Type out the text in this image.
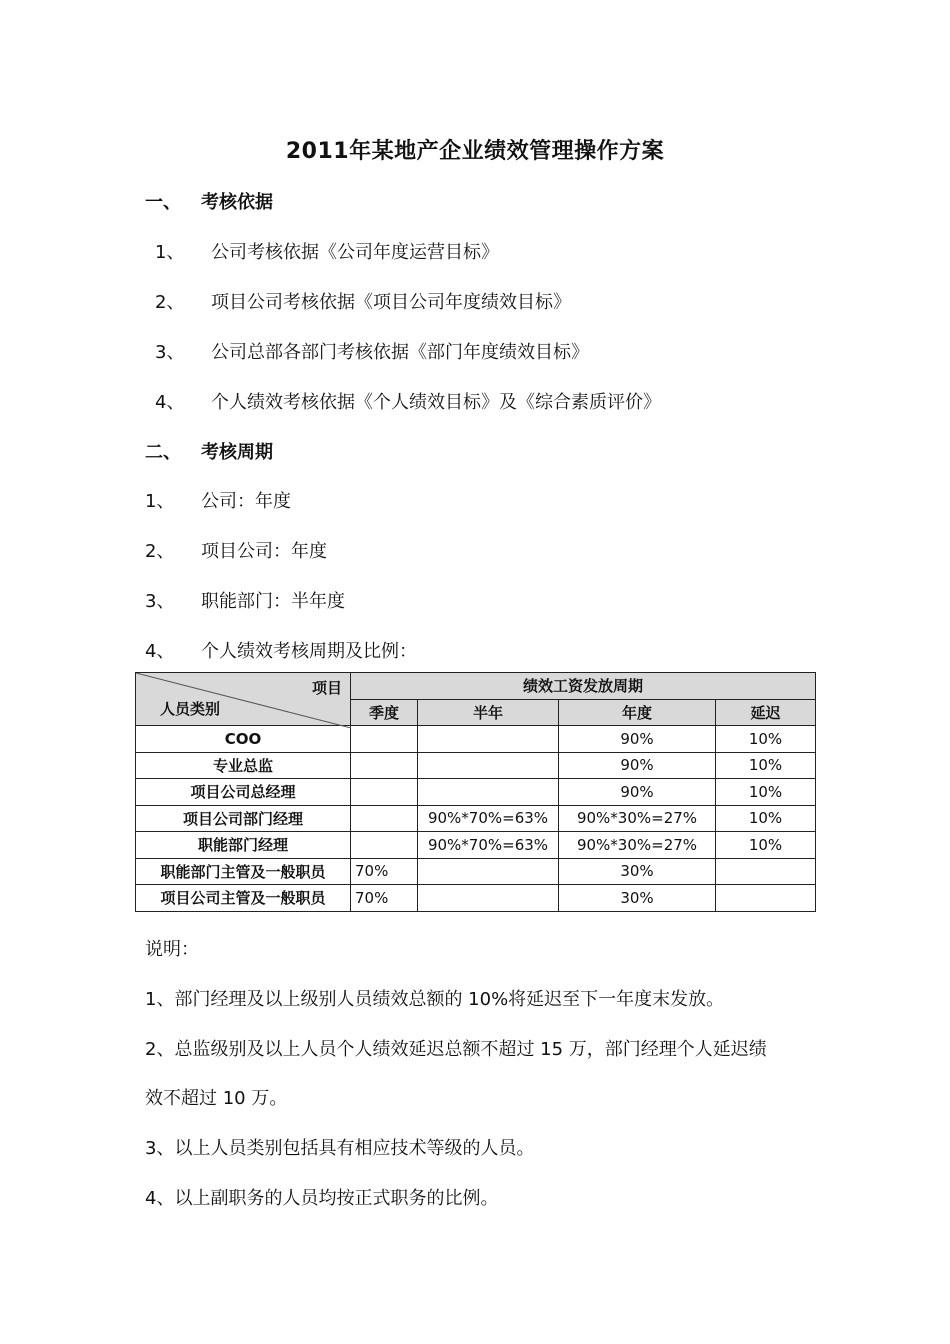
2011年某地产企业绩效管理操作方案
一、 考核依据
1、 公司考核依据《公司年度运营目标》
2、 项目公司考核依据《项目公司年度绩效目标》
3、 公司总部各部门考核依据《部门年度绩效目标》
4、 个人绩效考核依据《个人绩效目标》及《综合素质评价》
二、 考核周期
1、 公司：年度
2、 项目公司：年度
3、 职能部门：半年度
4、 个人绩效考核周期及比例：
项目
人员类别	绩效工资发放周期			
	季度	半年	年度	延迟
COO			90%	10%
专业总监			90%	10%
项目公司总经理			90%	10%
项目公司部门经理		90%*70%=63%	90%*30%=27%	10%
职能部门经理		90%*70%=63%	90%*30%=27%	10%
职能部门主管及一般职员	70%		30%	
项目公司主管及一般职员	70%		30%	
说明：
1、部门经理及以上级别人员绩效总额的 10%将延迟至下一年度末发放。
2、总监级别及以上人员个人绩效延迟总额不超过 15 万，部门经理个人延迟绩
效不超过 10 万。
3、以上人员类别包括具有相应技术等级的人员。
4、以上副职务的人员均按正式职务的比例。
